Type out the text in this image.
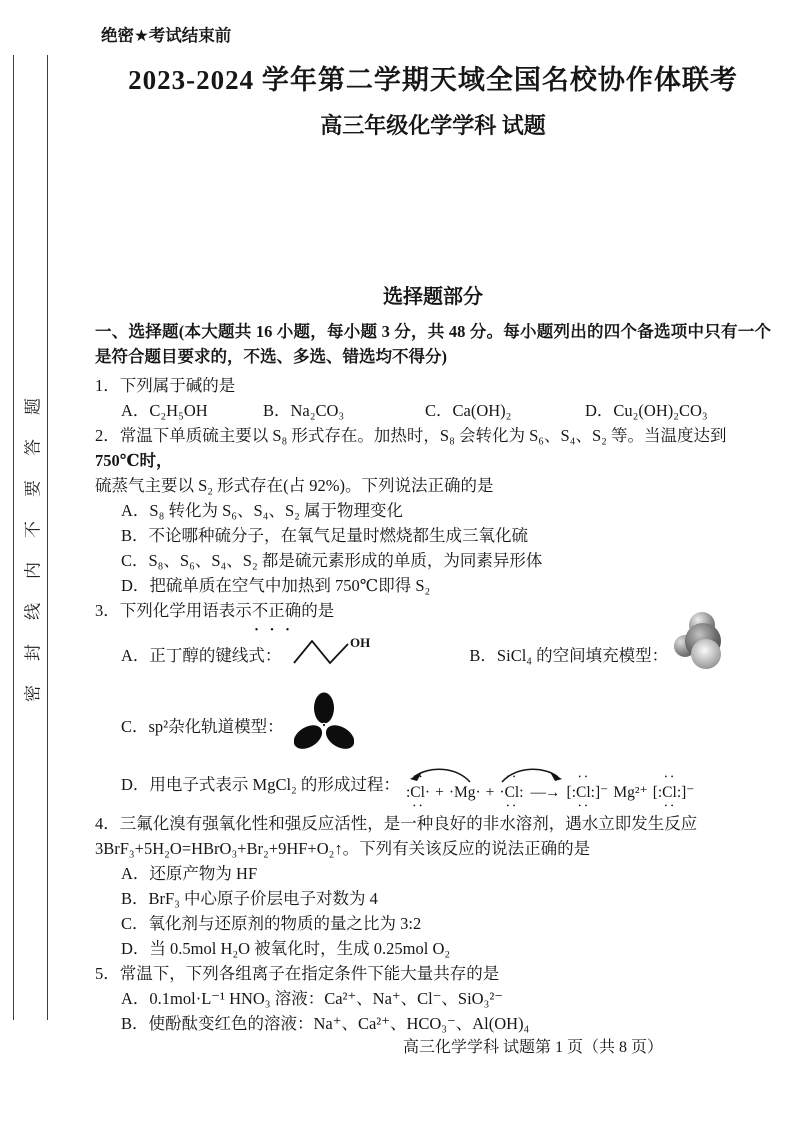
密封线内不要答题
绝密★考试结束前
2023-2024 学年第二学期天域全国名校协作体联考
高三年级化学学科 试题
选择题部分

一、选择题(本大题共 16 小题，每小题 3 分，共 48 分。每小题列出的四个备选项中只有一个是符合题目要求的，不选、多选、错选均不得分)

1．下列属于碱的是
A．C₂H₅OH	B．Na₂CO₃	C．Ca(OH)₂	D．Cu₂(OH)₂CO₃
2．常温下单质硫主要以 S₈ 形式存在。加热时，S₈ 会转化为 S₆、S₄、S₂ 等。当温度达到750℃时，
硫蒸气主要以 S₂ 形式存在(占 92%)。下列说法正确的是
A．S₈ 转化为 S₆、S₄、S₂ 属于物理变化
B．不论哪种硫分子，在氧气足量时燃烧都生成三氧化硫
C．S₈、S₆、S₄、S₂ 都是硫元素形成的单质，为同素异形体
D．把硫单质在空气中加热到 750℃即得 S₂
3．下列化学用语表示不正确 •••的是
A．正丁醇的键线式：
OH
B．SiCl₄ 的空间填充模型：
C．sp²杂化轨道模型：
D．用电子式表示 MgCl₂ 的形成过程： • • :Cl· • • + ·Mg· + • • ·Cl: • • —→ • • [:Cl:] • • ⁻ Mg²⁺ • • [:Cl:] • • ⁻
4．三氟化溴有强氧化性和强反应活性，是一种良好的非水溶剂，遇水立即发生反应
3BrF₃+5H₂O=HBrO₃+Br₂+9HF+O₂↑。下列有关该反应的说法正确的是
A．还原产物为 HF
B．BrF₃ 中心原子价层电子对数为 4
C．氧化剂与还原剂的物质的量之比为 3:2
D．当 0.5mol H₂O 被氧化时，生成 0.25mol O₂
5．常温下，下列各组离子在指定条件下能大量共存的是
A．0.1mol·L⁻¹ HNO₃ 溶液：Ca²⁺、Na⁺、Cl⁻、SiO₃²⁻
B．使酚酞变红色的溶液：Na⁺、Ca²⁺、HCO₃⁻、Al(OH)₄
高三化学学科 试题第 1 页（共 8 页）
